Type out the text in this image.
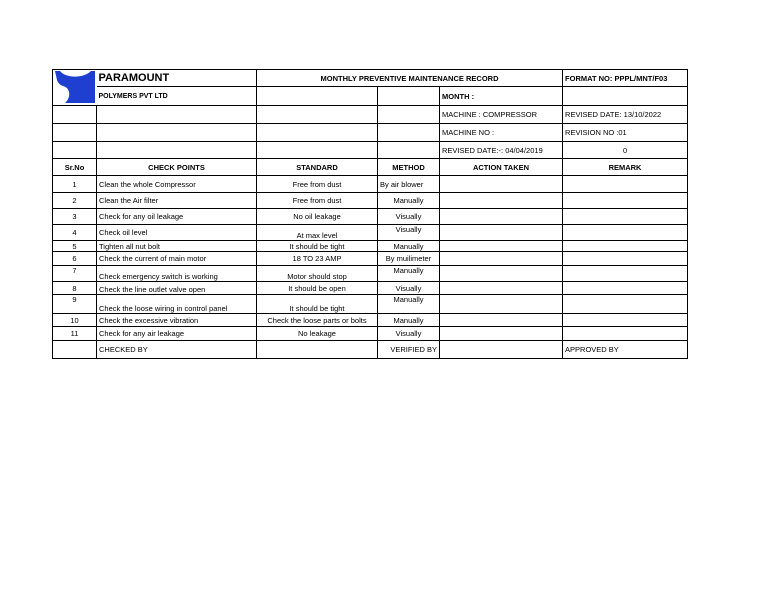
	PARAMOUNT	MONTHLY PREVENTIVE MAINTENANCE RECORD			FORMAT NO: PPPL/MNT/F03
	POLYMERS PVT LTD			MONTH :	
				MACHINE : COMPRESSOR	REVISED DATE: 13/10/2022
				MACHINE NO :	REVISION NO :01
				REVISED DATE:-: 04/04/2019	0
Sr.No	CHECK POINTS	STANDARD	METHOD	ACTION TAKEN	REMARK
1	Clean the whole Compressor	Free from dust	By air blower		
2	Clean the Air filter	Free from dust	Manually		
3	Check for any oil leakage	No oil leakage	Visually		
4	Check oil level	At max level	Visually		
5	Tighten all nut bolt	It should be tight	Manually		
6	Check the current of main motor	18 TO 23 AMP	By muilimeter		
7	Check emergency switch is working	Motor should stop	Manually		
8	Check the line outlet valve open	It should be open	Visually		
9	Check the loose wiring in control panel	It should be tight	Manually		
10	Check the excessive vibration	Check the loose parts or bolts	Manually		
11	Check for any air leakage	No leakage	Visually		
	CHECKED BY		VERIFIED BY		APPROVED BY
